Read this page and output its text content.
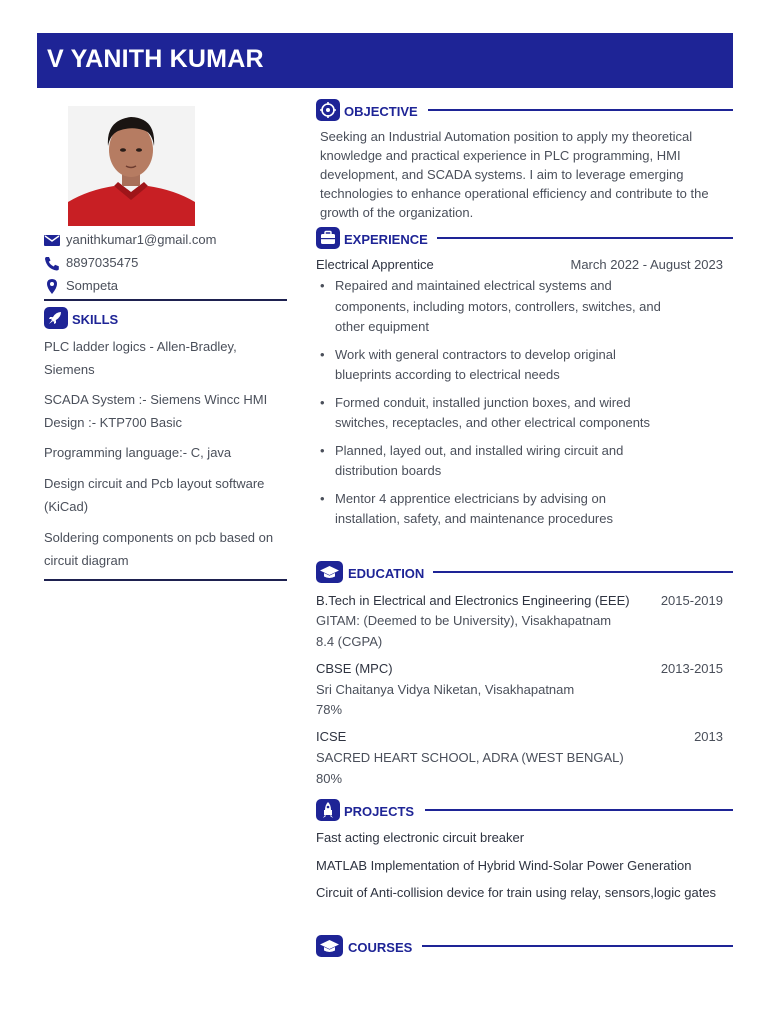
V YANITH KUMAR
yanithkumar1@gmail.com
8897035475
Sompeta
SKILLS
PLC ladder logics - Allen-Bradley, Siemens
SCADA System :- Siemens Wincc HMI Design :- KTP700 Basic
Programming language:- C, java
Design circuit and Pcb layout software (KiCad)
Soldering components on pcb based on circuit diagram
OBJECTIVE
Seeking an Industrial Automation position to apply my theoretical knowledge and practical experience in PLC programming, HMI development, and SCADA systems. I aim to leverage emerging technologies to enhance operational efficiency and contribute to the growth of the organization.
EXPERIENCE
Electrical Apprentice	March 2022 - August 2023
• Repaired and maintained electrical systems and components, including motors, controllers, switches, and other equipment
• Work with general contractors to develop original blueprints according to electrical needs
• Formed conduit, installed junction boxes, and wired switches, receptacles, and other electrical components
• Planned, layed out, and installed wiring circuit and distribution boards
• Mentor 4 apprentice electricians by advising on installation, safety, and maintenance procedures
EDUCATION
B.Tech in Electrical and Electronics Engineering (EEE) 2015-2019
GITAM: (Deemed to be University), Visakhapatnam
8.4 (CGPA)
CBSE (MPC)	2013-2015
Sri Chaitanya Vidya Niketan, Visakhapatnam
78%
ICSE	2013
SACRED HEART SCHOOL, ADRA (WEST BENGAL)
80%
PROJECTS
Fast acting electronic circuit breaker
MATLAB Implementation of Hybrid Wind-Solar Power Generation
Circuit of Anti-collision device for train using relay, sensors,logic gates
COURSES
